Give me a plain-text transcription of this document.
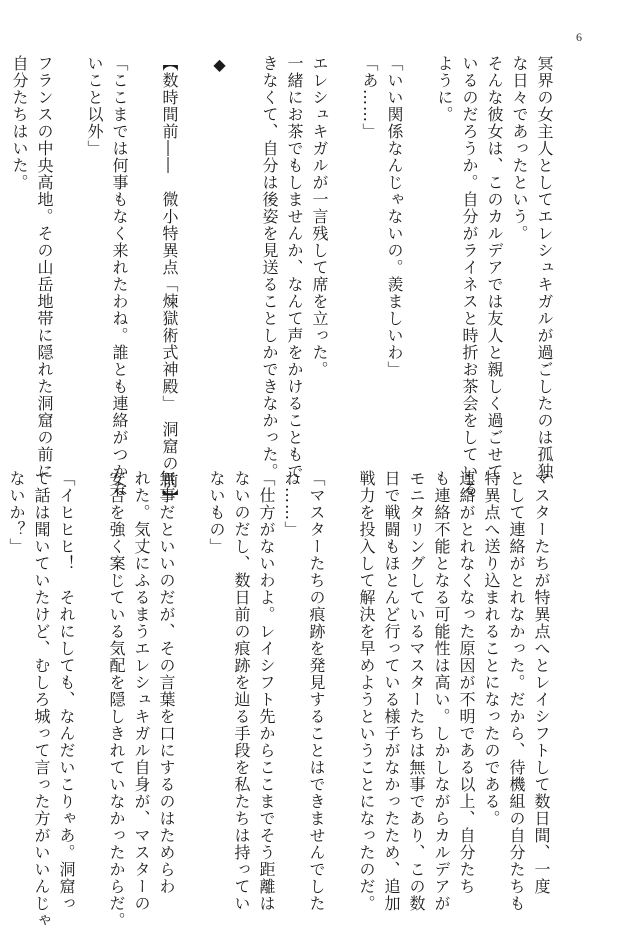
6
冥界の女主人としてエレシュキガルが過ごしたのは孤独
な日々であったという。
そんな彼女は、このカルデアでは友人と親しく過ごせて
いるのだろうか。自分がライネスと時折お茶会をしている
ように。

「いい関係なんじゃないの。羨ましいわ」
「あ……」

エレシュキガルが一言残して席を立った。
一緒にお茶でもしませんか、なんて声をかけることもで
きなくて、自分は後姿を見送ることしかできなかった。

◆

【数時間前――　微小特異点「煉獄術式神殿」　洞窟の前】

「ここまでは何事もなく来れたわね。誰とも連絡がつかな
いこと以外」

フランスの中央高地。その山岳地帯に隠れた洞窟の前に
自分たちはいた。
マスターたちが特異点へとレイシフトして数日間、一度
として連絡がとれなかった。だから、待機組の自分たちも
特異点へ送り込まれることになったのである。
連絡がとれなくなった原因が不明である以上、自分たち
も連絡不能となる可能性は高い。しかしながらカルデアが
モニタリングしているマスターたちは無事であり、この数
日で戦闘もほとんど行っている様子がなかったため、追加
戦力を投入して解決を早めようということになったのだ。

「マスターたちの痕跡を発見することはできませんでした
ね……」
「仕方がないわよ。レイシフト先からここまでそう距離は
ないのだし、数日前の痕跡を辿る手段を私たちは持ってい
ないもの」

無事だといいのだが、その言葉を口にするのはためらわ
れた。気丈にふるまうエレシュキガル自身が、マスターの
安否を強く案じている気配を隠しきれていなかったからだ。

「イヒヒヒ！　それにしても、なんだいこりゃあ。洞窟っ
て話は聞いていたけど、むしろ城って言った方がいいんじゃ
ないか？」
